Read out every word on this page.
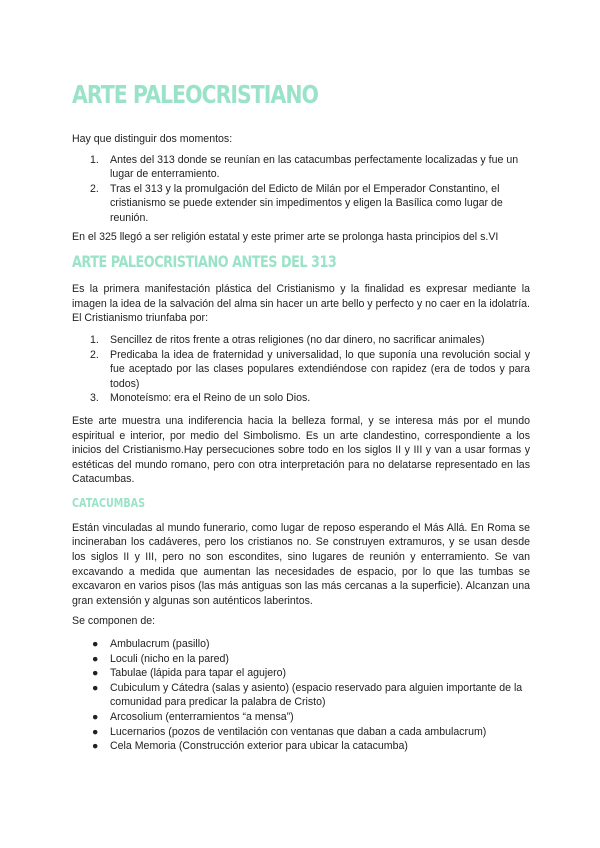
ARTE PALEOCRISTIANO

Hay que distinguir dos momentos:

1. Antes del 313 donde se reunían en las catacumbas perfectamente localizadas y fue un lugar de enterramiento.
2. Tras el 313 y la promulgación del Edicto de Milán por el Emperador Constantino, el cristianismo se puede extender sin impedimentos y eligen la Basílica como lugar de reunión.

En el 325 llegó a ser religión estatal y este primer arte se prolonga hasta principios del s.VI

ARTE PALEOCRISTIANO ANTES DEL 313

Es la primera manifestación plástica del Cristianismo y la finalidad es expresar mediante la imagen la idea de la salvación del alma sin hacer un arte bello y perfecto y no caer en la idolatría. El Cristianismo triunfaba por:

1. Sencillez de ritos frente a otras religiones (no dar dinero, no sacrificar animales)
2. Predicaba la idea de fraternidad y universalidad, lo que suponía una revolución social y fue aceptado por las clases populares extendiéndose con rapidez (era de todos y para todos)
3. Monoteísmo: era el Reino de un solo Dios.

Este arte muestra una indiferencia hacia la belleza formal, y se interesa más por el mundo espiritual e interior, por medio del Simbolismo. Es un arte clandestino, correspondiente a los inicios del Cristianismo.Hay persecuciones sobre todo en los siglos II y III y van a usar formas y estéticas del mundo romano, pero con otra interpretación para no delatarse representado en las Catacumbas.

CATACUMBAS

Están vinculadas al mundo funerario, como lugar de reposo esperando el Más Allá. En Roma se incineraban los cadáveres, pero los cristianos no. Se construyen extramuros, y se usan desde los siglos II y III, pero no son escondites, sino lugares de reunión y enterramiento. Se van excavando a medida que aumentan las necesidades de espacio, por lo que las tumbas se excavaron en varios pisos (las más antiguas son las más cercanas a la superficie). Alcanzan una gran extensión y algunas son auténticos laberintos.

Se componen de:

● Ambulacrum (pasillo)
● Loculi (nicho en la pared)
● Tabulae (lápida para tapar el agujero)
● Cubiculum y Cátedra (salas y asiento) (espacio reservado para alguien importante de la comunidad para predicar la palabra de Cristo)
● Arcosolium (enterramientos “a mensa”)
● Lucernarios (pozos de ventilación con ventanas que daban a cada ambulacrum)
● Cela Memoria (Construcción exterior para ubicar la catacumba)
